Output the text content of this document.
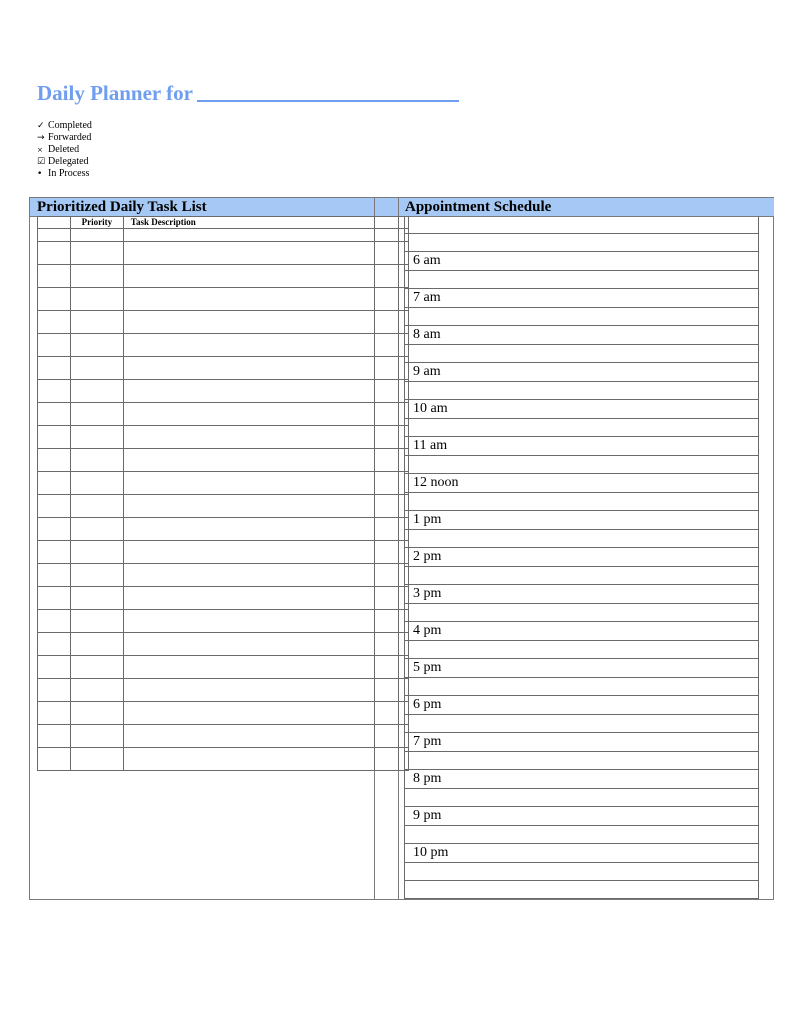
Daily Planner for
✓ Completed
→ Forwarded
× Deleted
☑ Delegated
• In Process
Prioritized Daily Task List	Appointment Schedule
	Priority	Task Description		

6 am
7 am
8 am
9 am
10 am
11 am
12 noon
1 pm
2 pm
3 pm
4 pm
5 pm
6 pm
7 pm
8 pm
9 pm
10 pm
